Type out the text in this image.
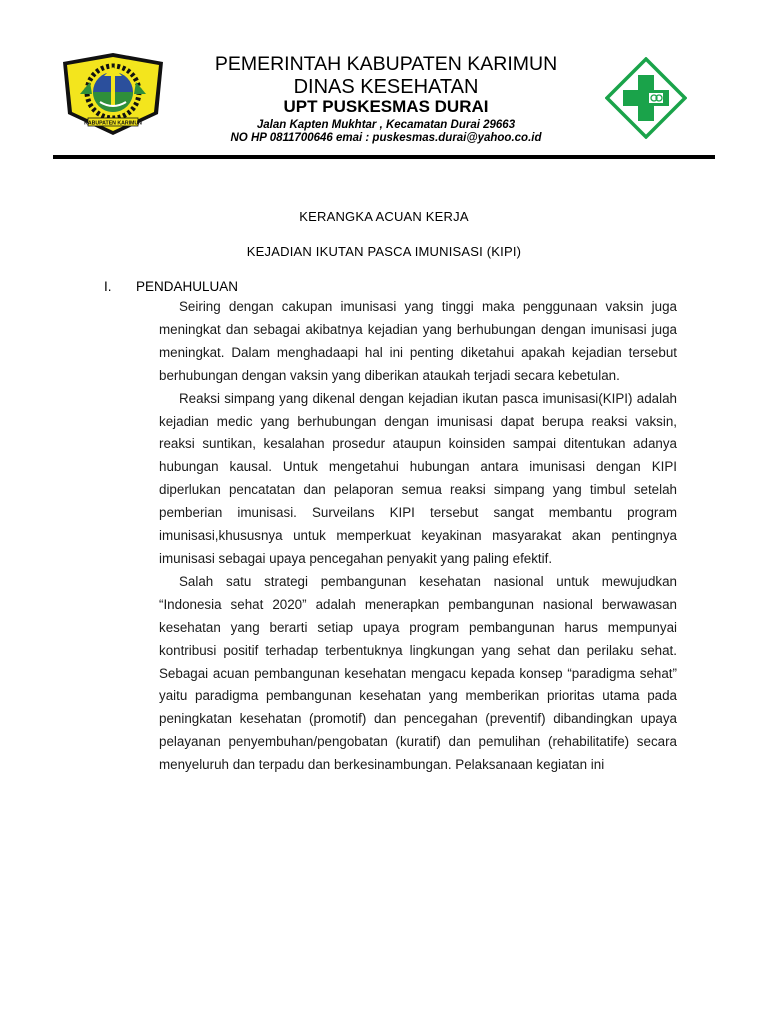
KABUPATEN KARIMUN
PEMERINTAH KABUPATEN KARIMUN
DINAS KESEHATAN
UPT PUSKESMAS DURAI
Jalan Kapten Mukhtar , Kecamatan Durai 29663
NO HP 0811700646 emai : puskesmas.durai@yahoo.co.id
KERANGKA ACUAN KERJA
KEJADIAN IKUTAN PASCA IMUNISASI (KIPI)
I. PENDAHULUAN

Seiring dengan cakupan imunisasi yang tinggi maka penggunaan vaksin juga meningkat dan sebagai akibatnya kejadian yang berhubungan dengan imunisasi juga meningkat. Dalam menghadaapi hal ini penting diketahui apakah kejadian tersebut berhubungan dengan vaksin yang diberikan ataukah terjadi secara kebetulan.

Reaksi simpang yang dikenal dengan kejadian ikutan pasca imunisasi(KIPI) adalah kejadian medic yang berhubungan dengan imunisasi dapat berupa reaksi vaksin, reaksi suntikan, kesalahan prosedur ataupun koinsiden sampai ditentukan adanya hubungan kausal. Untuk mengetahui hubungan antara imunisasi dengan KIPI diperlukan pencatatan dan pelaporan semua reaksi simpang yang timbul setelah pemberian imunisasi. Surveilans KIPI tersebut sangat membantu program imunisasi,khususnya untuk memperkuat keyakinan masyarakat akan pentingnya imunisasi sebagai upaya pencegahan penyakit yang paling efektif.

Salah satu strategi pembangunan kesehatan nasional untuk mewujudkan “Indonesia sehat 2020” adalah menerapkan pembangunan nasional berwawasan kesehatan yang berarti setiap upaya program pembangunan harus mempunyai kontribusi positif terhadap terbentuknya lingkungan yang sehat dan perilaku sehat. Sebagai acuan pembangunan kesehatan mengacu kepada konsep “paradigma sehat” yaitu paradigma pembangunan kesehatan yang memberikan prioritas utama pada peningkatan kesehatan (promotif) dan pencegahan (preventif) dibandingkan upaya pelayanan penyembuhan/pengobatan (kuratif) dan pemulihan (rehabilitatife) secara menyeluruh dan terpadu dan berkesinambungan. Pelaksanaan kegiatan ini
